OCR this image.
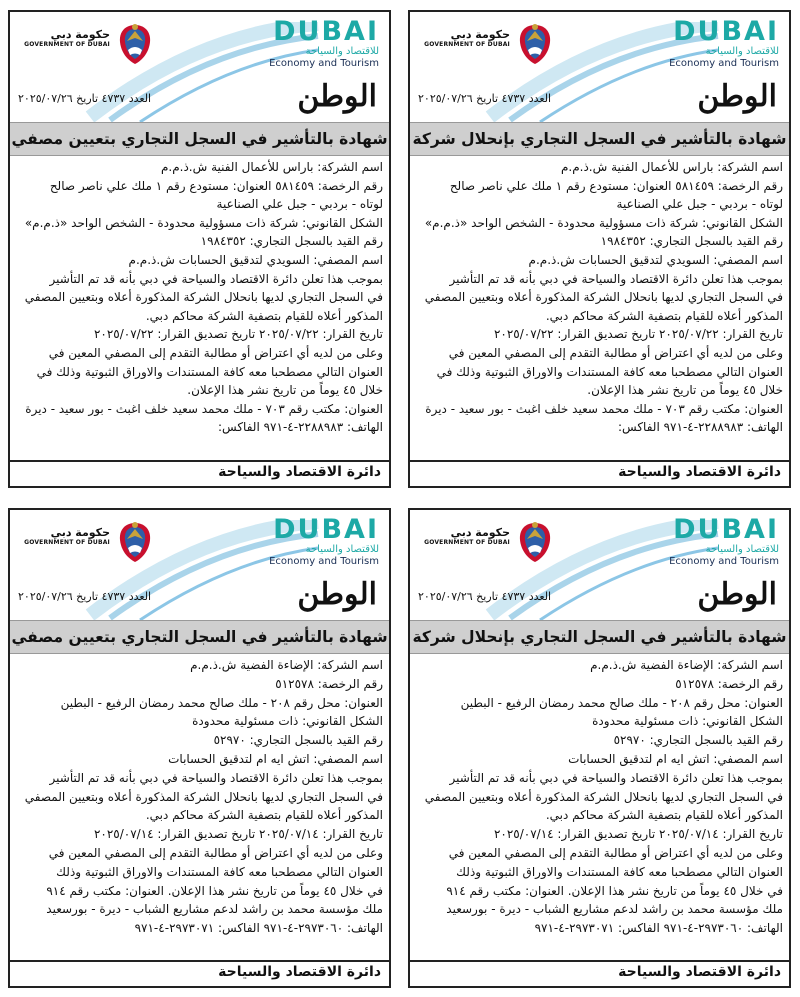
حكومة دبي
GOVERNMENT OF DUBAI	DUBAI
للاقتصاد والسياحة
Economy and Tourism
الوطن
العدد ٤٧٣٧ تاريخ ٢٠٢٥/٠٧/٢٦
شهادة بالتأشير في السجل التجاري بإنحلال شركة
اسم الشركة: باراس للأعمال الفنية ش.ذ.م.م
رقم الرخصة: ٥٨١٤٥٩ العنوان: مستودع رقم ١ ملك علي ناصر صالح
لوتاه - بردبي - جبل علي الصناعية
الشكل القانوني: شركة ذات مسؤولية محدودة - الشخص الواحد «ذ.م.م»
رقم القيد بالسجل التجاري: ١٩٨٤٣٥٢
اسم المصفي: السويدي لتدقيق الحسابات ش.ذ.م.م
بموجب هذا تعلن دائرة الاقتصاد والسياحة في دبي بأنه قد تم التأشير
في السجل التجاري لديها بانحلال الشركة المذكورة أعلاه وبتعيين المصفي
المذكور أعلاه للقيام بتصفية الشركة محاكم دبي.
تاريخ القرار: ٢٠٢٥/٠٧/٢٢ تاريخ تصديق القرار: ٢٠٢٥/٠٧/٢٢
وعلى من لديه أي اعتراض أو مطالبة التقدم إلى المصفي المعين في
العنوان التالي مصطحبا معه كافة المستندات والاوراق الثبوتية وذلك في
خلال ٤٥ يوماً من تاريخ نشر هذا الإعلان.
العنوان: مكتب رقم ٧٠٣ - ملك محمد سعيد خلف اغبث - بور سعيد - ديرة
الهاتف: ٢٢٨٨٩٨٣-٤-٩٧١ الفاكس:
دائرة الاقتصاد والسياحة
حكومة دبي
GOVERNMENT OF DUBAI	DUBAI
للاقتصاد والسياحة
Economy and Tourism
الوطن
العدد ٤٧٣٧ تاريخ ٢٠٢٥/٠٧/٢٦
شهادة بالتأشير في السجل التجاري بتعيين مصفي
اسم الشركة: باراس للأعمال الفنية ش.ذ.م.م
رقم الرخصة: ٥٨١٤٥٩ العنوان: مستودع رقم ١ ملك علي ناصر صالح
لوتاه - بردبي - جبل علي الصناعية
الشكل القانوني: شركة ذات مسؤولية محدودة - الشخص الواحد «ذ.م.م»
رقم القيد بالسجل التجاري: ١٩٨٤٣٥٢
اسم المصفي: السويدي لتدقيق الحسابات ش.ذ.م.م
بموجب هذا تعلن دائرة الاقتصاد والسياحة في دبي بأنه قد تم التأشير
في السجل التجاري لديها بانحلال الشركة المذكورة أعلاه وبتعيين المصفي
المذكور أعلاه للقيام بتصفية الشركة محاكم دبي.
تاريخ القرار: ٢٠٢٥/٠٧/٢٢ تاريخ تصديق القرار: ٢٠٢٥/٠٧/٢٢
وعلى من لديه أي اعتراض أو مطالبة التقدم إلى المصفي المعين في
العنوان التالي مصطحبا معه كافة المستندات والاوراق الثبوتية وذلك في
خلال ٤٥ يوماً من تاريخ نشر هذا الإعلان.
العنوان: مكتب رقم ٧٠٣ - ملك محمد سعيد خلف اغبث - بور سعيد - ديرة
الهاتف: ٢٢٨٨٩٨٣-٤-٩٧١ الفاكس:
دائرة الاقتصاد والسياحة
حكومة دبي
GOVERNMENT OF DUBAI	DUBAI
للاقتصاد والسياحة
Economy and Tourism
الوطن
العدد ٤٧٣٧ تاريخ ٢٠٢٥/٠٧/٢٦
شهادة بالتأشير في السجل التجاري بإنحلال شركة
اسم الشركة: الإضاءة الفضية ش.ذ.م.م
رقم الرخصة: ٥١٢٥٧٨
العنوان: محل رقم ٢٠٨ - ملك صالح محمد رمضان الرفيع - البطين
الشكل القانوني: ذات مسئولية محدودة
رقم القيد بالسجل التجاري: ٥٢٩٧٠
اسم المصفي: اتش ايه ام لتدقيق الحسابات
بموجب هذا تعلن دائرة الاقتصاد والسياحة في دبي بأنه قد تم التأشير
في السجل التجاري لديها بانحلال الشركة المذكورة أعلاه وبتعيين المصفي
المذكور أعلاه للقيام بتصفية الشركة محاكم دبي.
تاريخ القرار: ٢٠٢٥/٠٧/١٤ تاريخ تصديق القرار: ٢٠٢٥/٠٧/١٤
وعلى من لديه أي اعتراض أو مطالبة التقدم إلى المصفي المعين في
العنوان التالي مصطحبا معه كافة المستندات والاوراق الثبوتية وذلك
في خلال ٤٥ يوماً من تاريخ نشر هذا الإعلان. العنوان: مكتب رقم ٩١٤
ملك مؤسسة محمد بن راشد لدعم مشاريع الشباب - ديرة - بورسعيد
الهاتف: ٢٩٧٣٠٦٠-٤-٩٧١ الفاكس: ٢٩٧٣٠٧١-٤-٩٧١
دائرة الاقتصاد والسياحة
حكومة دبي
GOVERNMENT OF DUBAI	DUBAI
للاقتصاد والسياحة
Economy and Tourism
الوطن
العدد ٤٧٣٧ تاريخ ٢٠٢٥/٠٧/٢٦
شهادة بالتأشير في السجل التجاري بتعيين مصفي
اسم الشركة: الإضاءة الفضية ش.ذ.م.م
رقم الرخصة: ٥١٢٥٧٨
العنوان: محل رقم ٢٠٨ - ملك صالح محمد رمضان الرفيع - البطين
الشكل القانوني: ذات مسئولية محدودة
رقم القيد بالسجل التجاري: ٥٢٩٧٠
اسم المصفي: اتش ايه ام لتدقيق الحسابات
بموجب هذا تعلن دائرة الاقتصاد والسياحة في دبي بأنه قد تم التأشير
في السجل التجاري لديها بانحلال الشركة المذكورة أعلاه وبتعيين المصفي
المذكور أعلاه للقيام بتصفية الشركة محاكم دبي.
تاريخ القرار: ٢٠٢٥/٠٧/١٤ تاريخ تصديق القرار: ٢٠٢٥/٠٧/١٤
وعلى من لديه أي اعتراض أو مطالبة التقدم إلى المصفي المعين في
العنوان التالي مصطحبا معه كافة المستندات والاوراق الثبوتية وذلك
في خلال ٤٥ يوماً من تاريخ نشر هذا الإعلان. العنوان: مكتب رقم ٩١٤
ملك مؤسسة محمد بن راشد لدعم مشاريع الشباب - ديرة - بورسعيد
الهاتف: ٢٩٧٣٠٦٠-٤-٩٧١ الفاكس: ٢٩٧٣٠٧١-٤-٩٧١
دائرة الاقتصاد والسياحة
